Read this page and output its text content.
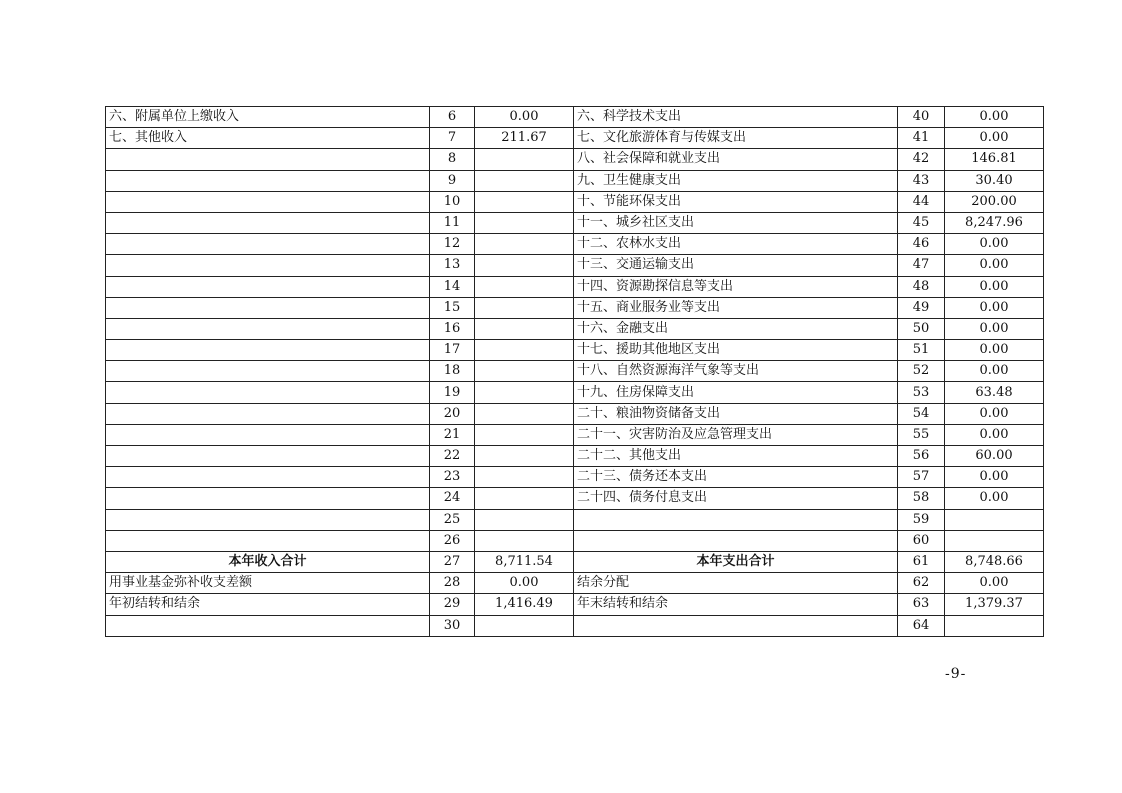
六、附属单位上缴收入	6	0.00	六、科学技术支出	40	0.00
七、其他收入	7	211.67	七、文化旅游体育与传媒支出	41	0.00
	8		八、社会保障和就业支出	42	146.81
	9		九、卫生健康支出	43	30.40
	10		十、节能环保支出	44	200.00
	11		十一、城乡社区支出	45	8,247.96
	12		十二、农林水支出	46	0.00
	13		十三、交通运输支出	47	0.00
	14		十四、资源勘探信息等支出	48	0.00
	15		十五、商业服务业等支出	49	0.00
	16		十六、金融支出	50	0.00
	17		十七、援助其他地区支出	51	0.00
	18		十八、自然资源海洋气象等支出	52	0.00
	19		十九、住房保障支出	53	63.48
	20		二十、粮油物资储备支出	54	0.00
	21		二十一、灾害防治及应急管理支出	55	0.00
	22		二十二、其他支出	56	60.00
	23		二十三、债务还本支出	57	0.00
	24		二十四、债务付息支出	58	0.00
	25			59	
	26			60	
本年收入合计	27	8,711.54	本年支出合计	61	8,748.66
用事业基金弥补收支差额	28	0.00	结余分配	62	0.00
年初结转和结余	29	1,416.49	年末结转和结余	63	1,379.37
	30			64	
-9-
